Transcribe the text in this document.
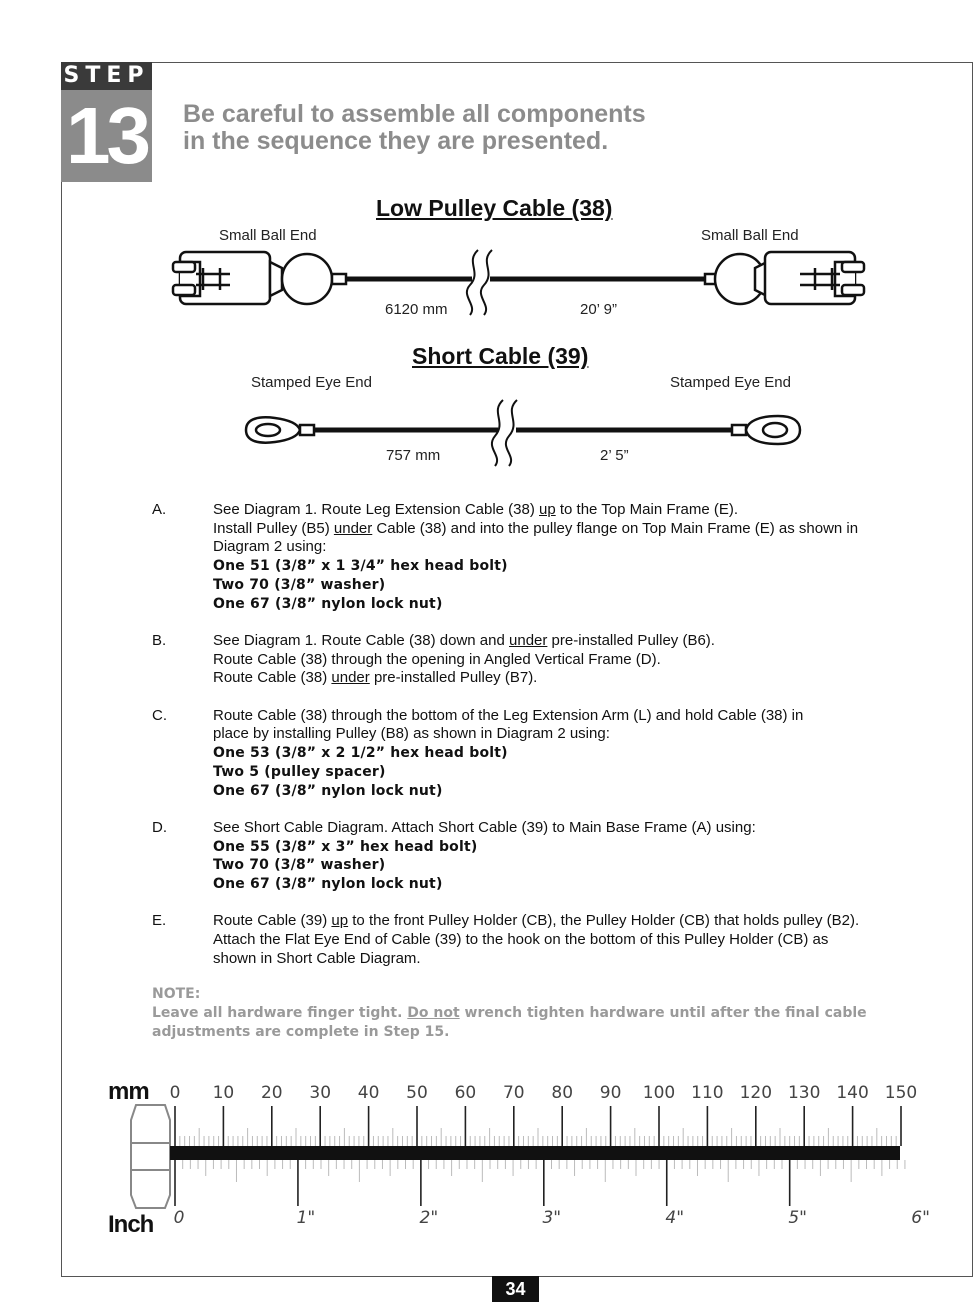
STEP
13 Be careful to assemble all components
in the sequence they are presented.
Low Pulley Cable (38)
Small Ball End	Small Ball End
6120 mm	20’ 9”
Short Cable (39)
Stamped Eye End	Stamped Eye End
757 mm	2’ 5”
A.	See Diagram 1. Route Leg Extension Cable (38) up to the Top Main Frame (E).
Install Pulley (B5) under Cable (38) and into the pulley flange on Top Main Frame (E) as shown in
Diagram 2 using:
One 51 (3/8” x 1 3/4” hex head bolt)
Two 70 (3/8” washer)
One 67 (3/8” nylon lock nut)
B.	See Diagram 1. Route Cable (38) down and under pre-installed Pulley (B6).
Route Cable (38) through the opening in Angled Vertical Frame (D).
Route Cable (38) under pre-installed Pulley (B7).
C.	Route Cable (38) through the bottom of the Leg Extension Arm (L) and hold Cable (38) in
place by installing Pulley (B8) as shown in Diagram 2 using:
One 53 (3/8” x 2 1/2” hex head bolt)
Two 5 (pulley spacer)
One 67 (3/8” nylon lock nut)
D.	See Short Cable Diagram. Attach Short Cable (39) to Main Base Frame (A) using:
One 55 (3/8” x 3” hex head bolt)
Two 70 (3/8” washer)
One 67 (3/8” nylon lock nut)
E.	Route Cable (39) up to the front Pulley Holder (CB), the Pulley Holder (CB) that holds pulley (B2).
Attach the Flat Eye End of Cable (39) to the hook on the bottom of this Pulley Holder (CB) as
shown in Short Cable Diagram.
NOTE:
Leave all hardware finger tight. Do not wrench tighten hardware until after the final cable adjustments are complete in Step 15.
mm
Inch
0 10 20 30 40 50 60 70 80 90 100 110 120 130 140 150
0	1"	2"	3"	4"	5"	6"
34
